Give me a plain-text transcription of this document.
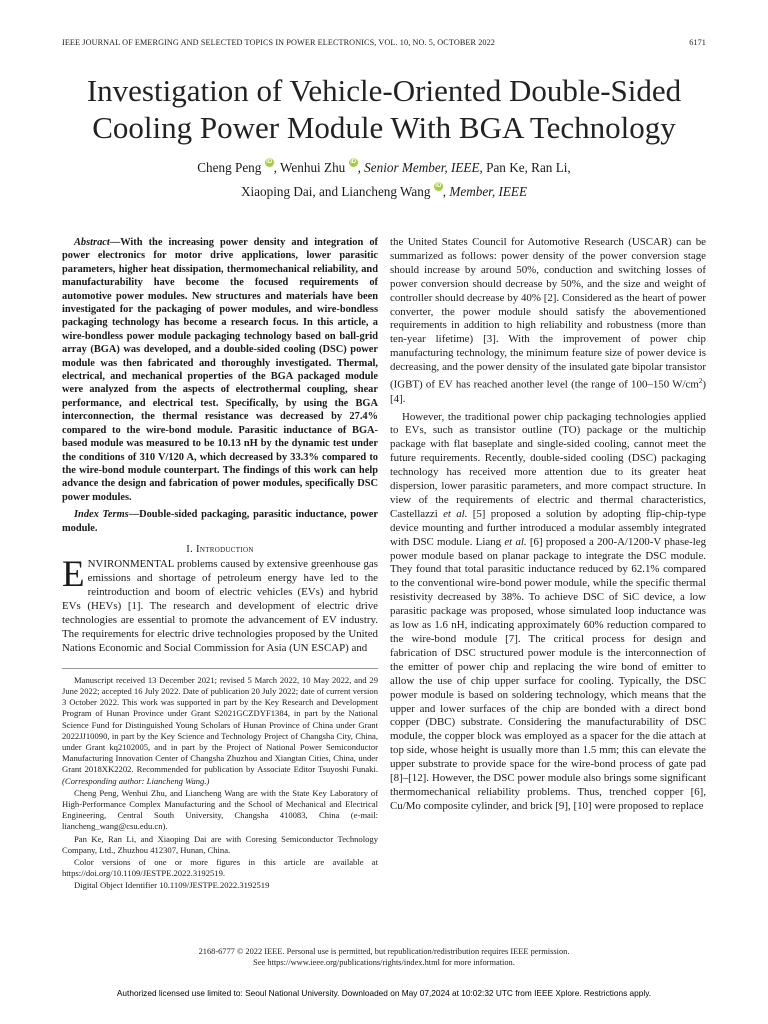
IEEE JOURNAL OF EMERGING AND SELECTED TOPICS IN POWER ELECTRONICS, VOL. 10, NO. 5, OCTOBER 2022	6171
Investigation of Vehicle-Oriented Double-Sided
Cooling Power Module With BGA Technology
Cheng Peng iD , Wenhui Zhu iD , Senior Member, IEEE, Pan Ke, Ran Li,
Xiaoping Dai, and Liancheng Wang iD , Member, IEEE

Abstract—With the increasing power density and integration of power electronics for motor drive applications, lower parasitic parameters, higher heat dissipation, thermomechanical reliability, and manufacturability have become the focused requirements of automotive power modules. New structures and materials have been investigated for the packaging of power modules, and wire-bondless packaging technology has become a research focus. In this article, a wire-bondless power module packaging technology based on ball-grid array (BGA) was developed, and a double-sided cooling (DSC) power module was then fabricated and thoroughly investigated. Thermal, electrical, and mechanical properties of the BGA packaged module were analyzed from the aspects of electrothermal coupling, shear performance, and electrical test. Specifically, by using the BGA interconnection, the thermal resistance was decreased by 27.4% compared to the wire-bond module. Parasitic inductance of BGA-based module was measured to be 10.13 nH by the dynamic test under the conditions of 310 V/120 A, which decreased by 33.3% compared to the wire-bond module counterpart. The findings of this work can help advance the design and fabrication of power modules, specifically DSC power modules.

Index Terms—Double-sided packaging, parasitic inductance, power module.

I. Introduction

ENVIRONMENTAL problems caused by extensive greenhouse gas emissions and shortage of petroleum energy have led to the reintroduction and boom of electric vehicles (EVs) and hybrid EVs (HEVs) [1]. The research and development of electric drive technologies are essential to promote the advancement of EV industry. The requirements for electric drive technologies proposed by the United Nations Economic and Social Commission for Asia (UN ESCAP) and

Manuscript received 13 December 2021; revised 5 March 2022, 10 May 2022, and 29 June 2022; accepted 16 July 2022. Date of publication 20 July 2022; date of current version 3 October 2022. This work was supported in part by the Key Research and Development Program of Hunan Province under Grant S2021GCZDYF1384, in part by the National Science Fund for Distinguished Young Scholars of Hunan Province of China under Grant 2022JJ10090, in part by the Key Science and Technology Project of Changsha City, China, under Grant kq2102005, and in part by the Project of National Power Semiconductor Manufacturing Innovation Center of Changsha Zhuzhou and Xiangtan Cities, China, under Grant 2018XK2202. Recommended for publication by Associate Editor Tsuyoshi Funaki. (Corresponding author: Liancheng Wang.)

Cheng Peng, Wenhui Zhu, and Liancheng Wang are with the State Key Laboratory of High-Performance Complex Manufacturing and the School of Mechanical and Electrical Engineering, Central South University, Changsha 410083, China (e-mail: liancheng_wang@csu.edu.cn).

Pan Ke, Ran Li, and Xiaoping Dai are with Coresing Semiconductor Technology Company, Ltd., Zhuzhou 412307, Hunan, China.

Color versions of one or more figures in this article are available at https://doi.org/10.1109/JESTPE.2022.3192519.

Digital Object Identifier 10.1109/JESTPE.2022.3192519

the United States Council for Automotive Research (USCAR) can be summarized as follows: power density of the power conversion stage should increase by around 50%, conduction and switching losses of power conversion should decrease by 50%, and the size and weight of controller should decrease by 40% [2]. Considered as the heart of power converter, the power module should satisfy the abovementioned requirements in addition to high reliability and robustness (more than ten-year lifetime) [3]. With the improvement of power chip manufacturing technology, the minimum feature size of power device is decreasing, and the power density of the insulated gate bipolar transistor (IGBT) of EV has reached another level (the range of 100–150 $W/cm^2$) [4].

However, the traditional power chip packaging technologies applied to EVs, such as transistor outline (TO) package or the multichip package with flat baseplate and single-sided cooling, cannot meet the future requirements. Recently, double-sided cooling (DSC) packaging technology has received more attention due to its greater heat dispersion, lower parasitic parameters, and more compact structure. In view of the requirements of electric and thermal characteristics, Castellazzi et al. [5] proposed a solution by adopting flip-chip-type device mounting and further introduced a modular assembly integrated with DSC module. Liang et al. [6] proposed a 200-A/1200-V phase-leg power module based on planar package to integrate the DSC module. They found that total parasitic inductance reduced by 62.1% compared to the conventional wire-bond power module, while the specific thermal resistivity decreased by 38%. To achieve DSC of SiC device, a low parasitic package was proposed, whose simulated loop inductance was as low as 1.6 nH, indicating approximately 60% reduction compared to the wire-bond module [7]. The critical process for design and fabrication of DSC structured power module is the interconnection of the emitter of power chip and replacing the wire bond of emitter to allow the use of chip upper surface for cooling. Typically, the DSC power module is based on soldering technology, which means that the upper and lower surfaces of the chip are bonded with a direct bond copper (DBC) substrate. Considering the manufacturability of DSC module, the copper block was employed as a spacer for the die attach at top side, whose height is usually more than 1.5 mm; this can elevate the upper substrate to provide space for the wire-bond process of gate pad [8]–[12]. However, the DSC power module also brings some significant thermomechanical reliability problems. Thus, trenched copper [6], Cu/Mo composite cylinder, and brick [9], [10] were proposed to replace

2168-6777 © 2022 IEEE. Personal use is permitted, but republication/redistribution requires IEEE permission.
See https://www.ieee.org/publications/rights/index.html for more information.
Authorized licensed use limited to: Seoul National University. Downloaded on May 07,2024 at 10:02:32 UTC from IEEE Xplore. Restrictions apply.
